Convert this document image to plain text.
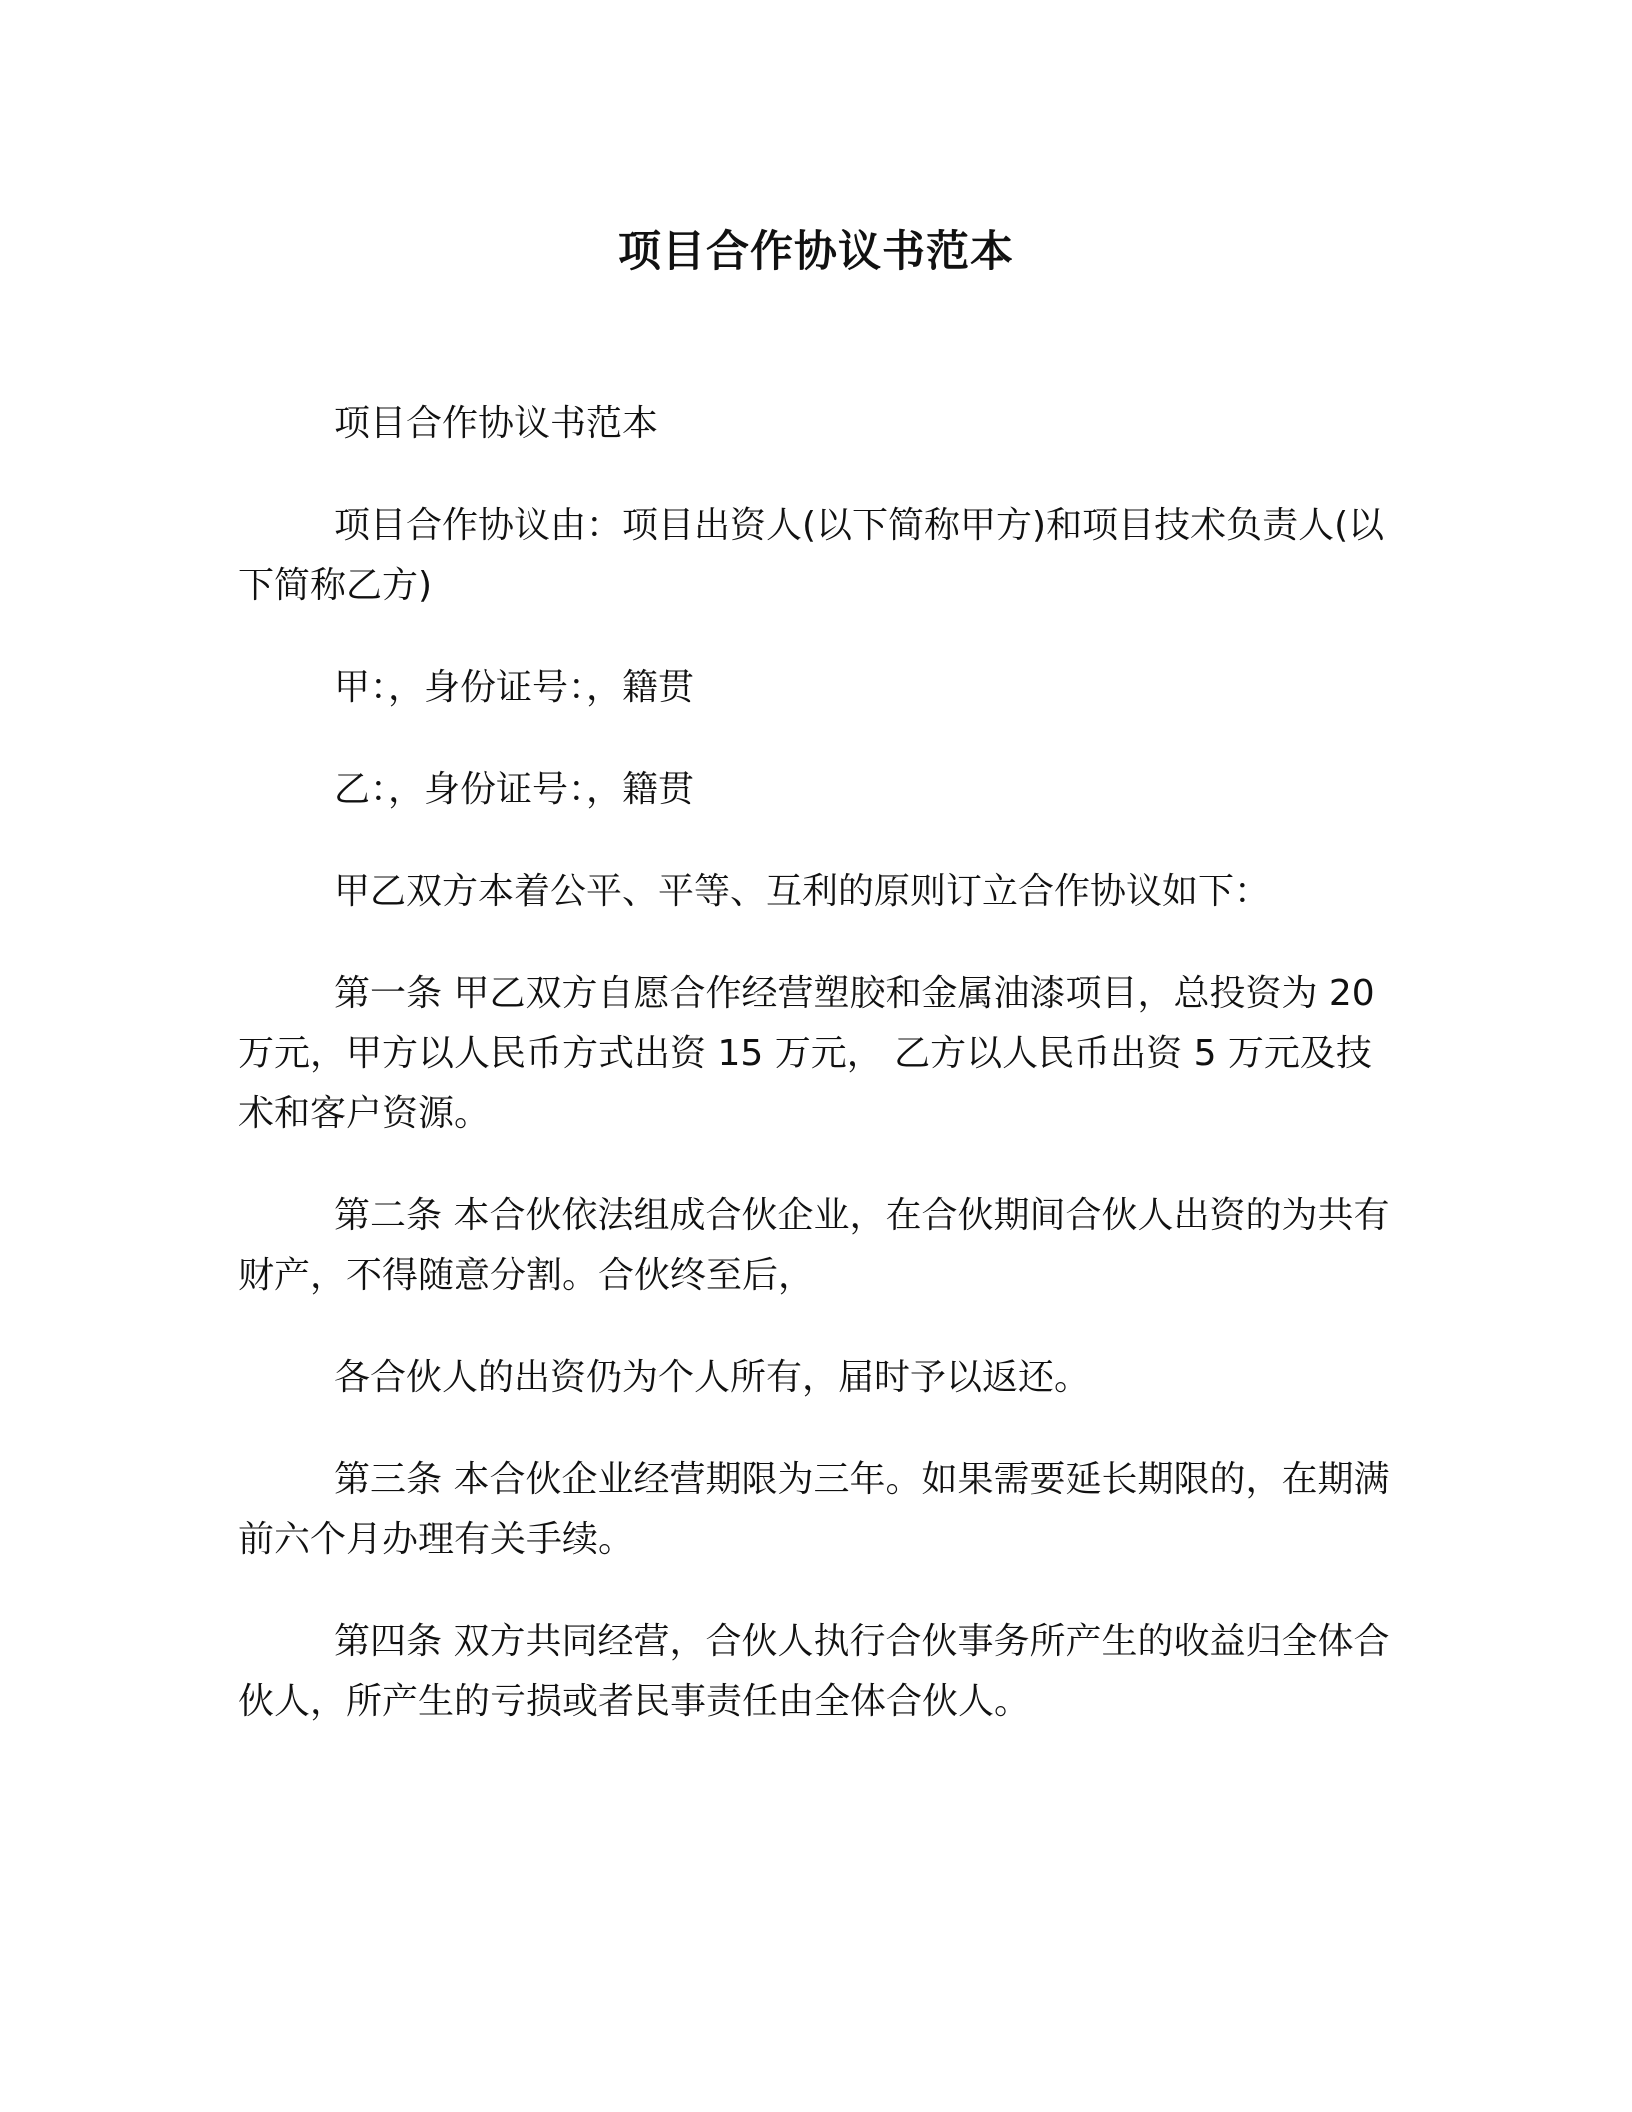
项目合作协议书范本

项目合作协议书范本

项目合作协议由：项目出资人(以下简称甲方)和项目技术负责人(以下简称乙方)

甲：，身份证号：，籍贯

乙：，身份证号：，籍贯

甲乙双方本着公平、平等、互利的原则订立合作协议如下：

第一条 甲乙双方自愿合作经营塑胶和金属油漆项目，总投资为 20 万元，甲方以人民币方式出资 15 万元， 乙方以人民币出资 5 万元及技术和客户资源。

第二条 本合伙依法组成合伙企业，在合伙期间合伙人出资的为共有财产，不得随意分割。合伙终至后，

各合伙人的出资仍为个人所有，届时予以返还。

第三条 本合伙企业经营期限为三年。如果需要延长期限的，在期满前六个月办理有关手续。

第四条 双方共同经营，合伙人执行合伙事务所产生的收益归全体合伙人，所产生的亏损或者民事责任由全体合伙人。
